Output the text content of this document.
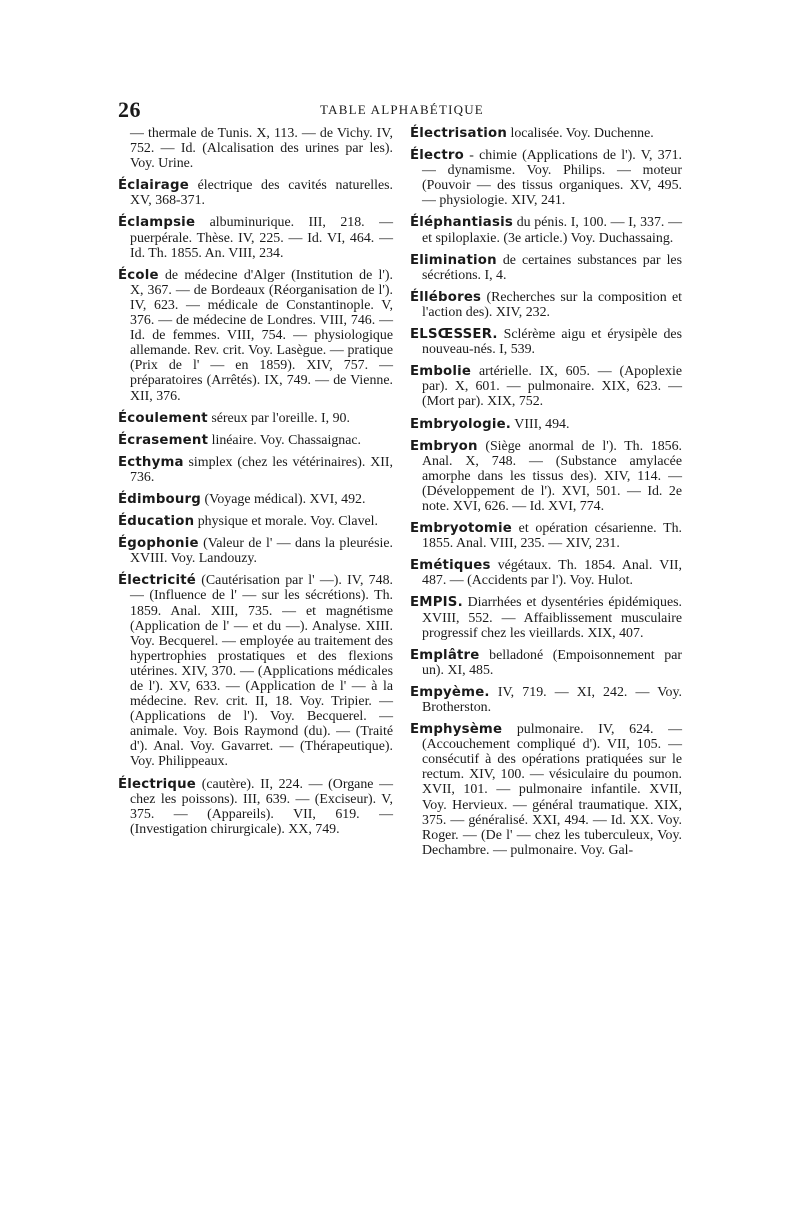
26	TABLE ALPHABÉTIQUE

— thermale de Tunis. X, 113. — de Vichy. IV, 752. — Id. (Alcalisation des urines par les). Voy. Urine.

Éclairage électrique des cavités naturelles. XV, 368-371.

Éclampsie albuminurique. III, 218. — puerpérale. Thèse. IV, 225. — Id. VI, 464. — Id. Th. 1855. An. VIII, 234.

École de médecine d'Alger (Institution de l'). X, 367. — de Bordeaux (Réorganisation de l'). IV, 623. — médicale de Constantinople. V, 376. — de médecine de Londres. VIII, 746. — Id. de femmes. VIII, 754. — physiologique allemande. Rev. crit. Voy. Lasègue. — pratique (Prix de l' — en 1859). XIV, 757. — préparatoires (Arrêtés). IX, 749. — de Vienne. XII, 376.

Écoulement séreux par l'oreille. I, 90.

Écrasement linéaire. Voy. Chassaignac.

Ecthyma simplex (chez les vétérinaires). XII, 736.

Édimbourg (Voyage médical). XVI, 492.

Éducation physique et morale. Voy. Clavel.

Égophonie (Valeur de l' — dans la pleurésie. XVIII. Voy. Landouzy.

Électricité (Cautérisation par l' —). IV, 748. — (Influence de l' — sur les sécrétions). Th. 1859. Anal. XIII, 735. — et magnétisme (Application de l' — et du —). Analyse. XIII. Voy. Becquerel. — employée au traitement des hypertrophies prostatiques et des flexions utérines. XIV, 370. — (Applications médicales de l'). XV, 633. — (Application de l' — à la médecine. Rev. crit. II, 18. Voy. Tripier. — (Applications de l'). Voy. Becquerel. — animale. Voy. Bois Raymond (du). — (Traité d'). Anal. Voy. Gavarret. — (Thérapeutique). Voy. Philippeaux.

Électrique (cautère). II, 224. — (Organe — chez les poissons). III, 639. — (Exciseur). V, 375. — (Appareils). VII, 619. — (Investigation chirurgicale). XX, 749.

Électrisation localisée. Voy. Duchenne.

Électro - chimie (Applications de l'). V, 371. — dynamisme. Voy. Philips. — moteur (Pouvoir — des tissus organiques. XV, 495. — physiologie. XIV, 241.

Éléphantiasis du pénis. I, 100. — I, 337. — et spiloplaxie. (3e article.) Voy. Duchassaing.

Elimination de certaines substances par les sécrétions. I, 4.

Éllébores (Recherches sur la composition et l'action des). XIV, 232.

ELSŒSSER. Sclérème aigu et érysipèle des nouveau-nés. I, 539.

Embolie artérielle. IX, 605. — (Apoplexie par). X, 601. — pulmonaire. XIX, 623. — (Mort par). XIX, 752.

Embryologie. VIII, 494.

Embryon (Siège anormal de l'). Th. 1856. Anal. X, 748. — (Substance amylacée amorphe dans les tissus des). XIV, 114. — (Développement de l'). XVI, 501. — Id. 2e note. XVI, 626. — Id. XVI, 774.

Embryotomie et opération césarienne. Th. 1855. Anal. VIII, 235. — XIV, 231.

Emétiques végétaux. Th. 1854. Anal. VII, 487. — (Accidents par l'). Voy. Hulot.

EMPIS. Diarrhées et dysentéries épidémiques. XVIII, 552. — Affaiblissement musculaire progressif chez les vieillards. XIX, 407.

Emplâtre belladoné (Empoisonnement par un). XI, 485.

Empyème. IV, 719. — XI, 242. — Voy. Brotherston.

Emphysème pulmonaire. IV, 624. — (Accouchement compliqué d'). VII, 105. — consécutif à des opérations pratiquées sur le rectum. XIV, 100. — vésiculaire du poumon. XVII, 101. — pulmonaire infantile. XVII, Voy. Hervieux. — général traumatique. XIX, 375. — généralisé. XXI, 494. — Id. XX. Voy. Roger. — (De l' — chez les tuberculeux, Voy. Dechambre. — pulmonaire. Voy. Gal-
